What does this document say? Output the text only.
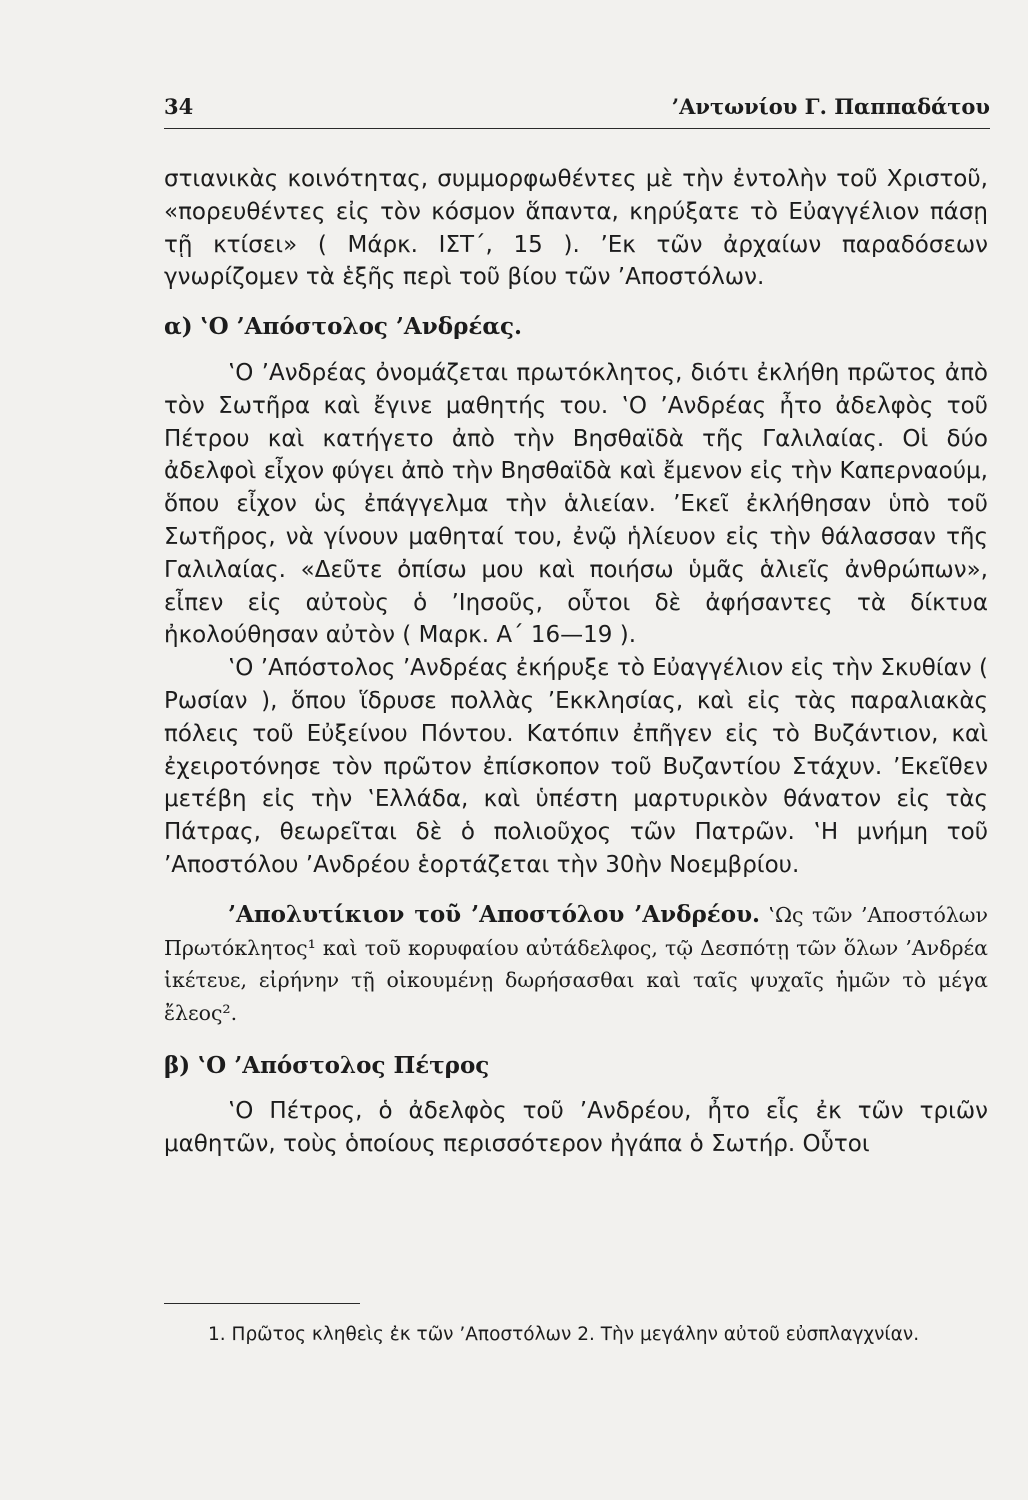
34	’Αντωνίου Γ. Παππαδάτου

στιανικὰς κοινότητας, συμμορφωθέντες μὲ τὴν ἐντολὴν τοῦ Χριστοῦ, «πορευθέντες εἰς τὸν κόσμον ἅπαντα, κηρύξατε τὸ Εὐαγγέλιον πάσῃ τῇ κτίσει» ( Μάρκ. ΙΣΤ΄, 15 ). ’Εκ τῶν ἀρχαίων παραδόσεων γνωρίζομεν τὰ ἑξῆς περὶ τοῦ βίου τῶν ’Αποστόλων.

α) ‛Ο ’Απόστολος ’Ανδρέας.

‛Ο ’Ανδρέας ὀνομάζεται πρωτόκλητος, διότι ἐκλήθη πρῶτος ἀπὸ τὸν Σωτῆρα καὶ ἔγινε μαθητής του. ‛Ο ’Ανδρέας ἦτο ἀδελφὸς τοῦ Πέτρου καὶ κατήγετο ἀπὸ τὴν Βησθαϊδὰ τῆς Γαλιλαίας. Οἱ δύο ἀδελφοὶ εἶχον φύγει ἀπὸ τὴν Βησθαϊδὰ καὶ ἔμενον εἰς τὴν Καπερναούμ, ὅπου εἶχον ὡς ἐπάγγελμα τὴν ἁλιείαν. ’Εκεῖ ἐκλήθησαν ὑπὸ τοῦ Σωτῆρος, νὰ γίνουν μαθηταί του, ἐνῷ ἡλίευον εἰς τὴν θάλασσαν τῆς Γαλιλαίας. «Δεῦτε ὀπίσω μου καὶ ποιήσω ὑμᾶς ἁλιεῖς ἀνθρώπων», εἶπεν εἰς αὐτοὺς ὁ ’Ιησοῦς, οὗτοι δὲ ἀφήσαντες τὰ δίκτυα ἠκολούθησαν αὐτὸν ( Μαρκ. Α΄ 16—19 ).

‛Ο ’Απόστολος ’Ανδρέας ἐκήρυξε τὸ Εὐαγγέλιον εἰς τὴν Σκυθίαν ( Ρωσίαν ), ὅπου ἵδρυσε πολλὰς ’Εκκλησίας, καὶ εἰς τὰς παραλιακὰς πόλεις τοῦ Εὐξείνου Πόντου. Κατόπιν ἐπῆγεν εἰς τὸ Βυζάντιον, καὶ ἐχειροτόνησε τὸν πρῶτον ἐπίσκοπον τοῦ Βυζαντίου Στάχυν. ’Εκεῖθεν μετέβη εἰς τὴν ‛Ελλάδα, καὶ ὑπέστη μαρτυρικὸν θάνατον εἰς τὰς Πάτρας, θεωρεῖται δὲ ὁ πολιοῦχος τῶν Πατρῶν. ‛Η μνήμη τοῦ ’Αποστόλου ’Ανδρέου ἑορτάζεται τὴν 30ὴν Νοεμβρίου.

’Απολυτίκιον τοῦ ’Αποστόλου ’Ανδρέου. ‛Ως τῶν ’Αποστόλων Πρωτόκλητος¹ καὶ τοῦ κορυφαίου αὐτάδελφος, τῷ Δεσπότῃ τῶν ὅλων ’Ανδρέα ἱκέτευε, εἰρήνην τῇ οἰκουμένῃ δωρήσασθαι καὶ ταῖς ψυχαῖς ἡμῶν τὸ μέγα ἔλεος².

β) ‛Ο ’Απόστολος Πέτρος

‛Ο Πέτρος, ὁ ἀδελφὸς τοῦ ’Ανδρέου, ἦτο εἷς ἐκ τῶν τριῶν μαθητῶν, τοὺς ὁποίους περισσότερον ἠγάπα ὁ Σωτήρ. Οὗτοι

1. Πρῶτος κληθεὶς ἐκ τῶν ’Αποστόλων 2. Τὴν μεγάλην αὐτοῦ εὐσπλαγχνίαν.
